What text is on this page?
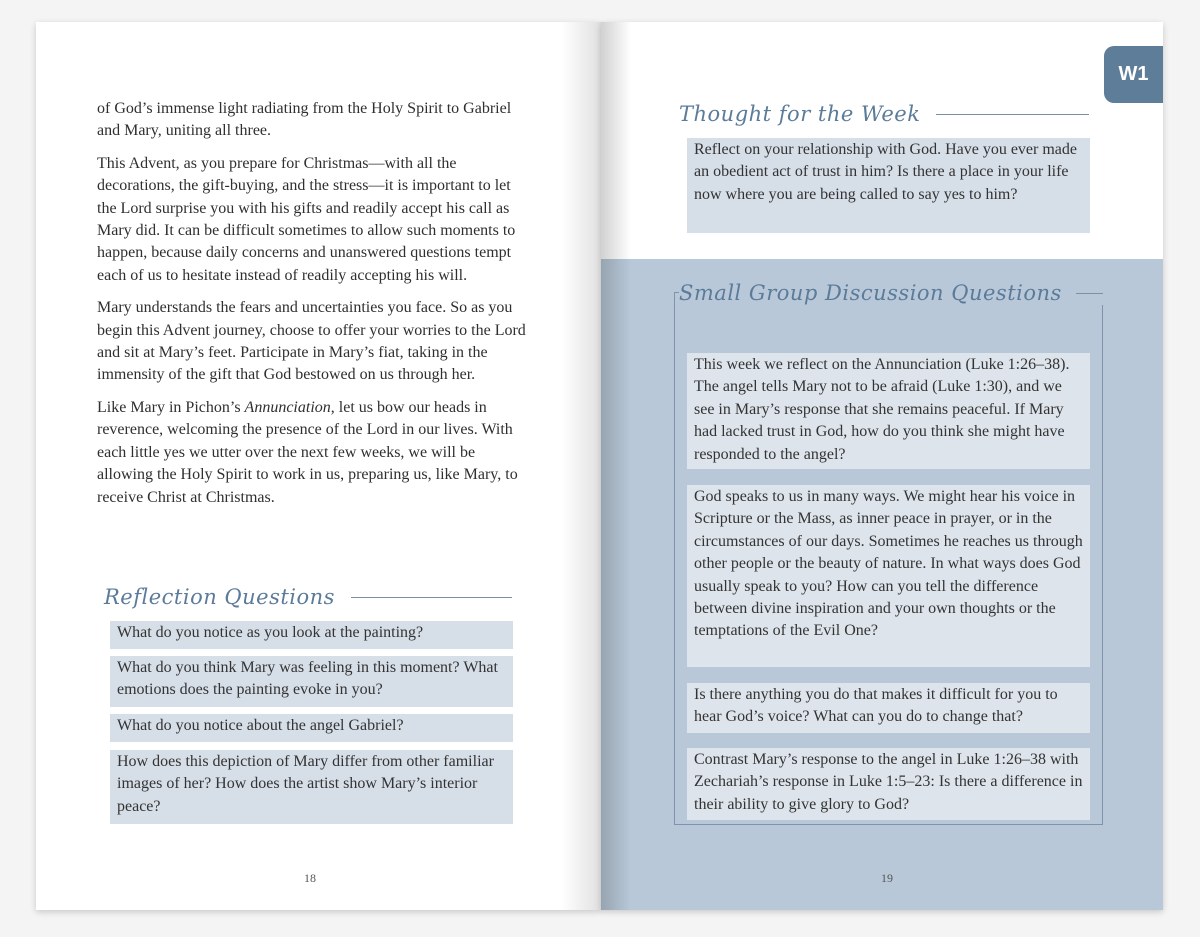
of God’s immense light radiating from the Holy Spirit to Gabriel and Mary, uniting all three.

This Advent, as you prepare for Christmas—with all the decorations, the gift-buying, and the stress—it is important to let the Lord surprise you with his gifts and readily accept his call as Mary did. It can be difficult sometimes to allow such moments to happen, because daily concerns and unanswered questions tempt each of us to hesitate instead of readily accepting his will.

Mary understands the fears and uncertainties you face. So as you begin this Advent journey, choose to offer your worries to the Lord and sit at Mary’s feet. Participate in Mary’s fiat, taking in the immensity of the gift that God bestowed on us through her.

Like Mary in Pichon’s Annunciation, let us bow our heads in reverence, welcoming the presence of the Lord in our lives. With each little yes we utter over the next few weeks, we will be allowing the Holy Spirit to work in us, preparing us, like Mary, to receive Christ at Christmas.

Reflection Questions
What do you notice as you look at the painting?
What do you think Mary was feeling in this moment? What emotions does the painting evoke in you?
What do you notice about the angel Gabriel?
How does this depiction of Mary differ from other familiar images of her? How does the artist show Mary’s interior peace?
18
Thought for the Week
Reflect on your relationship with God. Have you ever made an obedient act of trust in him? Is there a place in your life now where you are being called to say yes to him?
W1
Small Group Discussion Questions
This week we reflect on the Annunciation (Luke 1:26–38). The angel tells Mary not to be afraid (Luke 1:30), and we see in Mary’s response that she remains peaceful. If Mary had lacked trust in God, how do you think she might have responded to the angel?
God speaks to us in many ways. We might hear his voice in Scripture or the Mass, as inner peace in prayer, or in the circumstances of our days. Sometimes he reaches us through other people or the beauty of nature. In what ways does God usually speak to you? How can you tell the difference between divine inspiration and your own thoughts or the temptations of the Evil One?
Is there anything you do that makes it difficult for you to hear God’s voice? What can you do to change that?
Contrast Mary’s response to the angel in Luke 1:26–38 with Zechariah’s response in Luke 1:5–23: Is there a difference in their ability to give glory to God?
19
